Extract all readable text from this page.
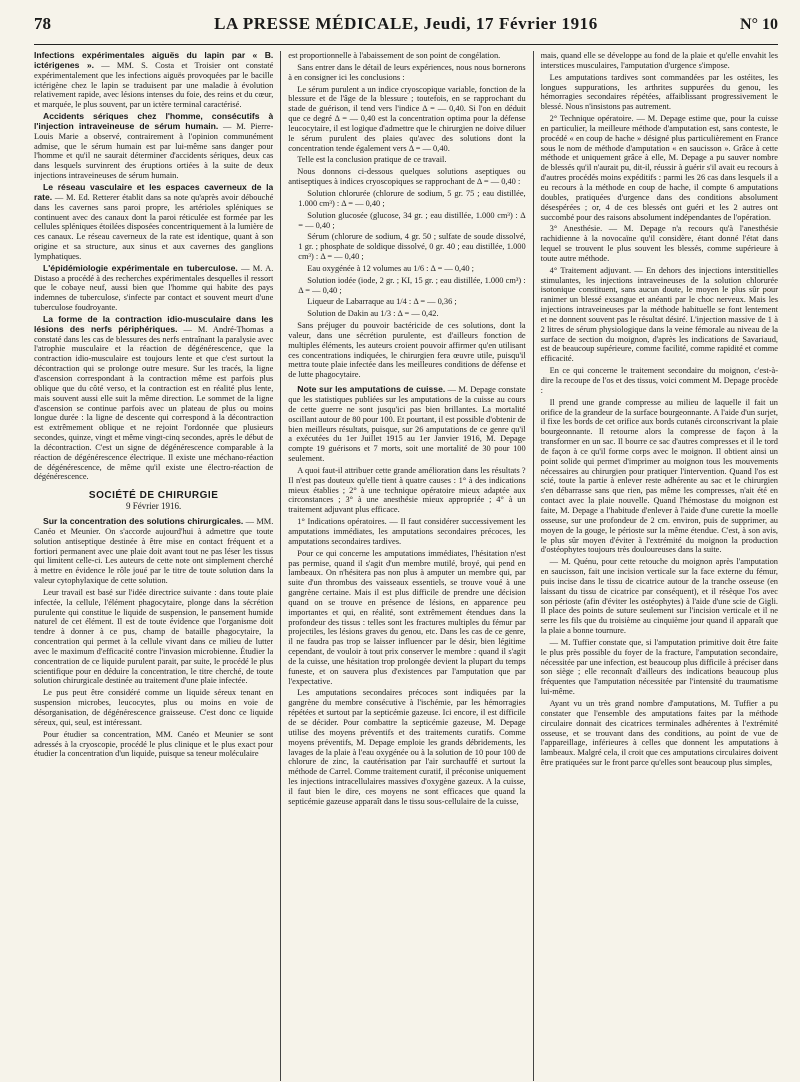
78	LA PRESSE MÉDICALE, Jeudi, 17 Février 1916	N° 10

Infections expérimentales aiguës du lapin par « B. ictérigenes ». — MM. S. Costa et Troisier ont constaté expérimentalement que les infections aiguës provoquées par le bacille ictérigène chez le lapin se traduisent par une maladie à évolution relativement rapide, avec lésions intenses du foie, des reins et du cœur, et marquée, le plus souvent, par un ictère terminal caractérisé.

Accidents sériques chez l'homme, consécutifs à l'injection intraveineuse de sérum humain. — M. Pierre-Louis Marie a observé, contrairement à l'opinion communément admise, que le sérum humain est par lui-même sans danger pour l'homme et qu'il ne saurait déterminer d'accidents sériques, deux cas dans lesquels survinrent des éruptions ortiées à la suite de deux injections intraveineuses de sérum humain.

Le réseau vasculaire et les espaces caverneux de la rate. — M. Ed. Retterer établit dans sa note qu'après avoir débouché dans les cavernes sans paroi propre, les artérioles spléniques se continuent avec des canaux dont la paroi réticulée est formée par les cellules spléniques étoilées disposées concentriquement à la lumière de ces canaux. Le réseau caverneux de la rate est identique, quant à son origine et sa structure, aux sinus et aux cavernes des ganglions lymphatiques.

L'épidémiologie expérimentale en tuberculose. — M. A. Distaso a procédé à des recherches expérimentales desquelles il ressort que le cobaye neuf, aussi bien que l'homme qui habite des pays indemnes de tuberculose, s'infecte par contact et souvent meurt d'une tuberculose foudroyante.

La forme de la contraction idio-musculaire dans les lésions des nerfs périphériques. — M. André-Thomas a constaté dans les cas de blessures des nerfs entraînant la paralysie avec l'atrophie musculaire et la réaction de dégénérescence, que la contraction idio-musculaire est toujours lente et que c'est surtout la décontraction qui se prolonge outre mesure. Sur les tracés, la ligne d'ascension correspondant à la contraction même est parfois plus oblique que du côté verso, et la contraction est en réalité plus lente, mais souvent aussi elle suit la même direction. Le sommet de la ligne d'ascension se continue parfois avec un plateau de plus ou moins longue durée : la ligne de descente qui correspond à la décontraction est extrêmement oblique et ne rejoint l'ordonnée que plusieurs secondes, quinze, vingt et même vingt-cinq secondes, après le début de la décontraction. C'est un signe de dégénérescence comparable à la réaction de dégénérescence électrique. Il existe une méchano-réaction de dégénérescence, de même qu'il existe une électro-réaction de dégénérescence.

SOCIÉTÉ DE CHIRURGIE
9 Février 1916.

Sur la concentration des solutions chirurgicales. — MM. Canéo et Meunier. On s'accorde aujourd'hui à admettre que toute solution antiseptique destinée à être mise en contact fréquent et a fortiori permanent avec une plaie doit avant tout ne pas léser les tissus qui limitent celle-ci. Les auteurs de cette note ont simplement cherché à mettre en évidence le rôle joué par le titre de toute solution dans la valeur cytophylaxique de cette solution.

Leur travail est basé sur l'idée directrice suivante : dans toute plaie infectée, la cellule, l'élément phagocytaire, plonge dans la sécrétion purulente qui constitue le liquide de suspension, le pansement humide naturel de cet élément. Il est de toute évidence que l'organisme doit tendre à donner à ce pus, champ de bataille phagocytaire, la concentration qui permet à la cellule vivant dans ce milieu de lutter avec le maximum d'efficacité contre l'invasion microbienne. Étudier la concentration de ce liquide purulent parait, par suite, le procédé le plus scientifique pour en déduire la concentration, le titre cherché, de toute solution chirurgicale destinée au traitement d'une plaie infectée.

Le pus peut être considéré comme un liquide séreux tenant en suspension microbes, leucocytes, plus ou moins en voie de désorganisation, de dégénérescence graisseuse. C'est donc ce liquide séreux, qui, seul, est intéressant.

Pour étudier sa concentration, MM. Canéo et Meunier se sont adressés à la cryoscopie, procédé le plus clinique et le plus exact pour étudier la concentration d'un liquide, puisque sa teneur moléculaire

est proportionnelle à l'abaissement de son point de congélation.

Sans entrer dans le détail de leurs expériences, nous nous bornerons à en consigner ici les conclusions :

Le sérum purulent a un indice cryoscopique variable, fonction de la blessure et de l'âge de la blessure ; toutefois, en se rapprochant du stade de guérison, il tend vers l'indice Δ = — 0,40. Si l'on en déduit que ce degré Δ = — 0,40 est la concentration optima pour la défense leucocytaire, il est logique d'admettre que le chirurgien ne doive diluer le sérum purulent des plaies qu'avec des solutions dont la concentration tende également vers Δ = — 0,40.

Telle est la conclusion pratique de ce travail.

Nous donnons ci-dessous quelques solutions aseptiques ou antiseptiques à indices cryoscopiques se rapprochant de Δ = — 0,40 :

Solution chlorurée (chlorure de sodium, 5 gr. 75 ; eau distillée, 1.000 cm³) : Δ = — 0,40 ;

Solution glucosée (glucose, 34 gr. ; eau distillée, 1.000 cm³) : Δ = — 0,40 ;

Sérum (chlorure de sodium, 4 gr. 50 ; sulfate de soude dissolvé, 1 gr. ; phosphate de soldique dissolvé, 0 gr. 40 ; eau distillée, 1.000 cm³) : Δ = — 0,40 ;

Eau oxygénée à 12 volumes au 1/6 : Δ = — 0,40 ;

Solution iodée (iode, 2 gr. ; KI, 15 gr. ; eau distillée, 1.000 cm³) : Δ = — 0,40 ;

Liqueur de Labarraque au 1/4 : Δ = — 0,36 ;

Solution de Dakin au 1/3 : Δ = — 0,42.

Sans préjuger du pouvoir bactéricide de ces solutions, dont la valeur, dans une sécrétion purulente, est d'ailleurs fonction de multiples éléments, les auteurs croient pouvoir affirmer qu'en utilisant ces concentrations indiquées, le chirurgien fera œuvre utile, puisqu'il mettra toute plaie infectée dans les meilleures conditions de défense et de lutte phagocytaire.

Note sur les amputations de cuisse. — M. Depage constate que les statistiques publiées sur les amputations de la cuisse au cours de cette guerre ne sont jusqu'ici pas bien brillantes. La mortalité oscillant autour de 80 pour 100. Et pourtant, il est possible d'obtenir de bien meilleurs résultats, puisque, sur 26 amputations de ce genre qu'il a exécutées du 1er Juillet 1915 au 1er Janvier 1916, M. Depage compte 19 guérisons et 7 morts, soit une mortalité de 30 pour 100 seulement.

A quoi faut-il attribuer cette grande amélioration dans les résultats ? Il n'est pas douteux qu'elle tient à quatre causes : 1° à des indications mieux établies ; 2° à une technique opératoire mieux adaptée aux circonstances ; 3° à une anesthésie mieux appropriée ; 4° à un traitement adjuvant plus efficace.

1° Indications opératoires. — Il faut considérer successivement les amputations immédiates, les amputations secondaires précoces, les amputations secondaires tardives.

Pour ce qui concerne les amputations immédiates, l'hésitation n'est pas permise, quand il s'agit d'un membre mutilé, broyé, qui pend en lambeaux. On n'hésitera pas non plus à amputer un membre qui, par suite d'un thrombus des vaisseaux essentiels, se trouve voué à une gangrène certaine. Mais il est plus difficile de prendre une décision quand on se trouve en présence de lésions, en apparence peu importantes et qui, en réalité, sont extrêmement étendues dans la profondeur des tissus : telles sont les fractures multiples du fémur par projectiles, les lésions graves du genou, etc. Dans les cas de ce genre, il ne faudra pas trop se laisser influencer par le désir, bien légitime cependant, de vouloir à tout prix conserver le membre : quand il s'agit de la cuisse, une hésitation trop prolongée devient la plupart du temps funeste, et on sauvera plus d'existences par l'amputation que par l'expectative.

Les amputations secondaires précoces sont indiquées par la gangrène du membre consécutive à l'ischémie, par les hémorragies répétées et surtout par la septicémie gazeuse. Ici encore, il est difficile de se décider. Pour combattre la septicémie gazeuse, M. Depage utilise des moyens préventifs et des traitements curatifs. Comme moyens préventifs, M. Depage emploie les grands débridements, les lavages de la plaie à l'eau oxygénée ou à la solution de 10 pour 100 de chlorure de zinc, la cautérisation par l'air surchauffé et surtout la méthode de Carrel. Comme traitement curatif, il préconise uniquement les injections intracellulaires massives d'oxygène gazeux. A la cuisse, il faut bien le dire, ces moyens ne sont efficaces que quand la septicémie gazeuse apparaît dans le tissu sous-cellulaire de la cuisse,

mais, quand elle se développe au fond de la plaie et qu'elle envahit les interstices musculaires, l'amputation d'urgence s'impose.

Les amputations tardives sont commandées par les ostéites, les longues suppurations, les arthrites suppurées du genou, les hémorragies secondaires répétées, affaiblissant progressivement le blessé. Nous n'insistons pas autrement.

2° Technique opératoire. — M. Depage estime que, pour la cuisse en particulier, la meilleure méthode d'amputation est, sans conteste, le procédé « en coup de hache » désigné plus particulièrement en France sous le nom de méthode d'amputation « en saucisson ». Grâce à cette méthode et uniquement grâce à elle, M. Depage a pu sauver nombre de blessés qu'il n'aurait pu, dit-il, réussir à guérir s'il avait eu recours à d'autres procédés moins expéditifs : parmi les 26 cas dans lesquels il a eu recours à la méthode en coup de hache, il compte 6 amputations doubles, pratiquées d'urgence dans des conditions absolument désespérées ; or, 4 de ces blessés ont guéri et les 2 autres ont succombé pour des raisons absolument indépendantes de l'opération.

3° Anesthésie. — M. Depage n'a recours qu'à l'anesthésie rachidienne à la novocaïne qu'il considère, étant donné l'état dans lequel se trouvent le plus souvent les blessés, comme supérieure à toute autre méthode.

4° Traitement adjuvant. — En dehors des injections interstitielles stimulantes, les injections intraveineuses de la solution chlorurée isotonique constituent, sans aucun doute, le moyen le plus sûr pour ranimer un blessé exsangue et anéanti par le choc nerveux. Mais les injections intraveineuses par la méthode habituelle se font lentement et ne donnent souvent pas le résultat désiré. L'injection massive de 1 à 2 litres de sérum physiologique dans la veine fémorale au niveau de la surface de section du moignon, d'après les indications de Savariaud, est de beaucoup supérieure, comme facilité, comme rapidité et comme efficacité.

En ce qui concerne le traitement secondaire du moignon, c'est-à-dire la recoupe de l'os et des tissus, voici comment M. Depage procède :

Il prend une grande compresse au milieu de laquelle il fait un orifice de la grandeur de la surface bourgeonnante. A l'aide d'un surjet, il fixe les bords de cet orifice aux bords cutanés circonscrivant la plaie bourgeonnante. Il retourne alors la compresse de façon à la transformer en un sac. Il bourre ce sac d'autres compresses et il le tord de façon à ce qu'il forme corps avec le moignon. Il obtient ainsi un point solide qui permet d'imprimer au moignon tous les mouvements nécessaires au chirurgien pour pratiquer l'intervention. Quand l'os est scié, toute la partie à enlever reste adhérente au sac et le chirurgien s'en débarrasse sans que rien, pas même les compresses, n'ait été en contact avec la plaie nouvelle. Quand l'hémostase du moignon est faite, M. Depage a l'habitude d'enlever à l'aide d'une curette la moelle osseuse, sur une profondeur de 2 cm. environ, puis de supprimer, au moyen de la gouge, le périoste sur la même étendue. C'est, à son avis, le plus sûr moyen d'éviter à l'extrémité du moignon la production d'ostéophytes toujours très douloureuses dans la suite.

— M. Quénu, pour cette retouche du moignon après l'amputation en saucisson, fait une incision verticale sur la face externe du fémur, puis incise dans le tissu de cicatrice autour de la tranche osseuse (en laissant du tissu de cicatrice par conséquent), et il résèque l'os avec son périoste (afin d'éviter les ostéophytes) à l'aide d'une scie de Gigli. Il place des points de suture seulement sur l'incision verticale et il ne serre les fils que du troisième au cinquième jour quand il apparaît que la plaie a bonne tournure.

— M. Tuffier constate que, si l'amputation primitive doit être faite le plus près possible du foyer de la fracture, l'amputation secondaire, nécessitée par une infection, est beaucoup plus difficile à préciser dans son siège ; elle reconnaît d'ailleurs des indications beaucoup plus fréquentes que l'amputation nécessitée par l'intensité du traumatisme lui-même.

Ayant vu un très grand nombre d'amputations, M. Tuffier a pu constater que l'ensemble des amputations faites par la méthode circulaire donnait des cicatrices terminales adhérentes à l'extrémité osseuse, et se trouvant dans des conditions, au point de vue de l'appareillage, inférieures à celles que donnent les amputations à lambeaux. Malgré cela, il croit que ces amputations circulaires doivent être pratiquées sur le front parce qu'elles sont beaucoup plus simples,
